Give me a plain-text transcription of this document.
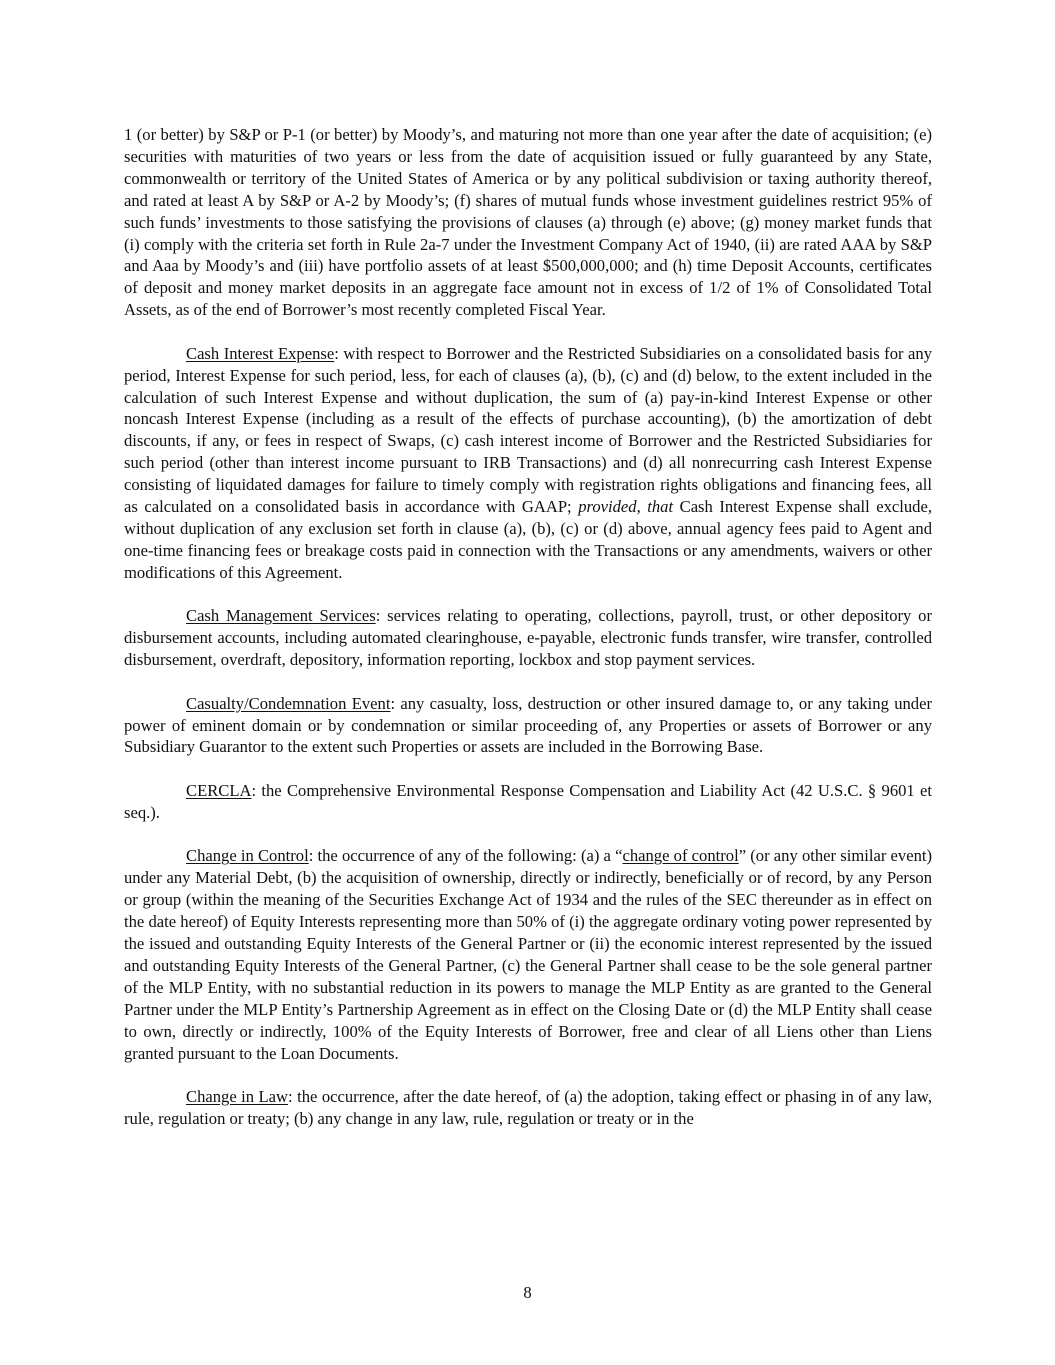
1 (or better) by S&P or P-1 (or better) by Moody’s, and maturing not more than one year after the date of acquisition; (e) securities with maturities of two years or less from the date of acquisition issued or fully guaranteed by any State, commonwealth or territory of the United States of America or by any political subdivision or taxing authority thereof, and rated at least A by S&P or A-2 by Moody’s; (f) shares of mutual funds whose investment guidelines restrict 95% of such funds’ investments to those satisfying the provisions of clauses (a) through (e) above; (g) money market funds that (i) comply with the criteria set forth in Rule 2a-7 under the Investment Company Act of 1940, (ii) are rated AAA by S&P and Aaa by Moody’s and (iii) have portfolio assets of at least $500,000,000; and (h) time Deposit Accounts, certificates of deposit and money market deposits in an aggregate face amount not in excess of 1/2 of 1% of Consolidated Total Assets, as of the end of Borrower’s most recently completed Fiscal Year.

Cash Interest Expense: with respect to Borrower and the Restricted Subsidiaries on a consolidated basis for any period, Interest Expense for such period, less, for each of clauses (a), (b), (c) and (d) below, to the extent included in the calculation of such Interest Expense and without duplication, the sum of (a) pay-in-kind Interest Expense or other noncash Interest Expense (including as a result of the effects of purchase accounting), (b) the amortization of debt discounts, if any, or fees in respect of Swaps, (c) cash interest income of Borrower and the Restricted Subsidiaries for such period (other than interest income pursuant to IRB Transactions) and (d) all nonrecurring cash Interest Expense consisting of liquidated damages for failure to timely comply with registration rights obligations and financing fees, all as calculated on a consolidated basis in accordance with GAAP; provided, that Cash Interest Expense shall exclude, without duplication of any exclusion set forth in clause (a), (b), (c) or (d) above, annual agency fees paid to Agent and one-time financing fees or breakage costs paid in connection with the Transactions or any amendments, waivers or other modifications of this Agreement.

Cash Management Services: services relating to operating, collections, payroll, trust, or other depository or disbursement accounts, including automated clearinghouse, e-payable, electronic funds transfer, wire transfer, controlled disbursement, overdraft, depository, information reporting, lockbox and stop payment services.

Casualty/Condemnation Event: any casualty, loss, destruction or other insured damage to, or any taking under power of eminent domain or by condemnation or similar proceeding of, any Properties or assets of Borrower or any Subsidiary Guarantor to the extent such Properties or assets are included in the Borrowing Base.

CERCLA: the Comprehensive Environmental Response Compensation and Liability Act (42 U.S.C. § 9601 et seq.).

Change in Control: the occurrence of any of the following: (a) a “change of control” (or any other similar event) under any Material Debt, (b) the acquisition of ownership, directly or indirectly, beneficially or of record, by any Person or group (within the meaning of the Securities Exchange Act of 1934 and the rules of the SEC thereunder as in effect on the date hereof) of Equity Interests representing more than 50% of (i) the aggregate ordinary voting power represented by the issued and outstanding Equity Interests of the General Partner or (ii) the economic interest represented by the issued and outstanding Equity Interests of the General Partner, (c) the General Partner shall cease to be the sole general partner of the MLP Entity, with no substantial reduction in its powers to manage the MLP Entity as are granted to the General Partner under the MLP Entity’s Partnership Agreement as in effect on the Closing Date or (d) the MLP Entity shall cease to own, directly or indirectly, 100% of the Equity Interests of Borrower, free and clear of all Liens other than Liens granted pursuant to the Loan Documents.

Change in Law: the occurrence, after the date hereof, of (a) the adoption, taking effect or phasing in of any law, rule, regulation or treaty; (b) any change in any law, rule, regulation or treaty or in the

8
